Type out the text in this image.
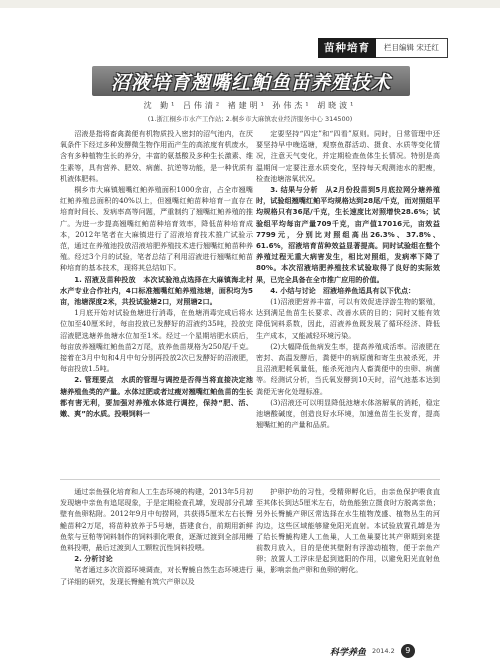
苗种培育	栏目编辑 宋迁红
沼液培育翘嘴红鲌鱼苗养殖技术
沈 勤¹ 吕伟清² 褚建明¹ 孙伟杰¹ 胡晓波¹
(1.浙江桐乡市水产工作站; 2.桐乡市大麻镇农业经济服务中心 314500)

沼液是指将畜禽粪便有机物质投入密封的沼气池内，在厌氧条件下经过多种发酵微生物作用而产生的高浓度有机废水，含有多种植物生长的养分，丰富的氨基酸及多种生长激素、维生素等，具有营养、肥效、病菌、抗逆等功能，是一种优质有机液体肥料。

桐乡市大麻镇翘嘴红鲌养殖面积1000余亩，占全市翘嘴红鲌养殖总面积的40%以上，但翘嘴红鲌苗种培育一直存在培育时间长、发病率高等问题，严重制约了翘嘴红鲌养殖的推广。为进一步提高翘嘴红鲌苗种培育效率，降低苗种培育成本，2012年笔者在大麻镇进行了沼液培育技术推广试验示范，通过在养殖池投放沼液培肥养殖技术进行翘嘴红鲌苗种养殖。经过3个月的试验，笔者总结了利用沼液进行翘嘴红鲌苗种培育的基本技术，现将其总结如下。

1. 沼液及苗种投放　本次试验池点选择在大麻镇海北村水产专业合作社内，4口标准翘嘴红鲌养殖池塘，面积均为5亩，池塘深度2米，共投试验塘2口，对照塘2口。

1月底开始对试验鱼塘进行消毒，在鱼塘消毒完成后将水位加至40厘米时，每亩投放已发酵好的沼液约35吨，投放完沼液肥选塘养鱼塘水位加至1米。经过一个星期培肥水质后，每亩放养翘嘴红鲌鱼苗2万尾，放养鱼苗规格为250尾/千克。接着在3月中旬和4月中旬分别再投放2次已发酵好的沼液肥，每亩投放1.5吨。

2. 管理要点　水质的管理与调控是否得当将直接决定池塘养殖鱼类的产量。水体过肥或者过瘦对翘嘴红鲌鱼苗的生长都有害无利，要加强对养殖水体进行调控，保持“肥、活、嫩、爽”的水质。投喂饲料一

定要坚持“四定”和“四看”原则。同时，日常管理中还要坚持早中晚巡塘，观察鱼群活动、摄食、水质等变化情况，注意天气变化，并定期检查鱼体生长情况。特别是高温期间一定要注意水质变化，坚持每天观测池水的肥瘦，检查池塘溶氧状况。

3. 结果与分析　从2月份投苗到5月底拉网分塘养殖时，试验组翘嘴红鲌平均规格达到28尾/千克，而对照组平均规格只有36尾/千克，生长速度比对照增快28.6%；试验组平均每亩产量709千克，亩产值17016元，亩效益7799元，分别比对照组高出26.3%、37.8%、61.6%，沼液培育苗种效益显著提高。同时试验组在整个养殖过程无重大病害发生，相比对照组，发病率下降了80%。本次沼液培肥养殖技术试验取得了良好的实际效果，已完全具备在全市推广应用的价值。

4. 小结与讨论　沼液培养鱼适具有以下优点：

(1)沼液肥营养丰富，可以有效促进浮游生物的繁殖，达到满足鱼苗生长要求、改善水质的目的；同时又能有效降低饲料系数，因此，沼液养鱼既发展了循环经济、降低生产成本，又能减轻环境污染。

(2)大幅降低鱼病发生率，提高养殖成活率。沼液肥在密封、高温发酵后，粪便中的病原菌和寄生虫被杀死，并且沼液肥耗氧量低，能杀死池内人畜粪便中的虫卵、病菌等。经测试分析，当氏氧发酵到10天时，沼气池基本达到粪便无害化处理标准。

(3)沼液还可以明显降低池塘水体溶解氧的消耗，稳定池塘酸碱度，创造良好水环境，加速鱼苗生长发育，提高翘嘴红鲌的产量和品质。

通过亲鱼强化培育和人工生态环境的构建，2013年5月初发现塘中亲鱼有追尾现象，于是定期检查孔罅，发现部分孔罅壁有鱼卵粘附。2012年9月中旬捞网，共获得5厘米左右长臀鮠苗种2万尾，将苗种放养于5号塘，搭建食台，前期用新鲜鱼浆与豆粕等饲料制作的饲料驯化喂食，逐渐过渡到全部用鳗鱼料投喂，最后过渡到人工颗粒沉性饲料投喂。

2. 分析讨论

笔者通过多次资源环境调查，对长臀鮠自然生态环境进行了详细的研究，发现长臀鮠有筑穴产卵以及

护卵护幼的习性，受精卵孵化后，由亲鱼保护喂食直至其体长到达5厘米左右，幼鱼能独立摄食时方脱离亲鱼；另外长臀鮠产卵区常选择在水生植物茂盛、植物丛生的河沟边，这些区域能够避免阳光直射。本试验放置孔罅是为了给长臀鮠构建人工鱼巢，人工鱼巢要比其产卵期到来提前数月放入，目的是使其壁附有浮游动植物，便于亲鱼产卵；放置人工浮床是起到遮阳的作用，以避免阳光直射鱼巢，影响亲鱼产卵和鱼卵的孵化。

科学养鱼 2014.2	9
